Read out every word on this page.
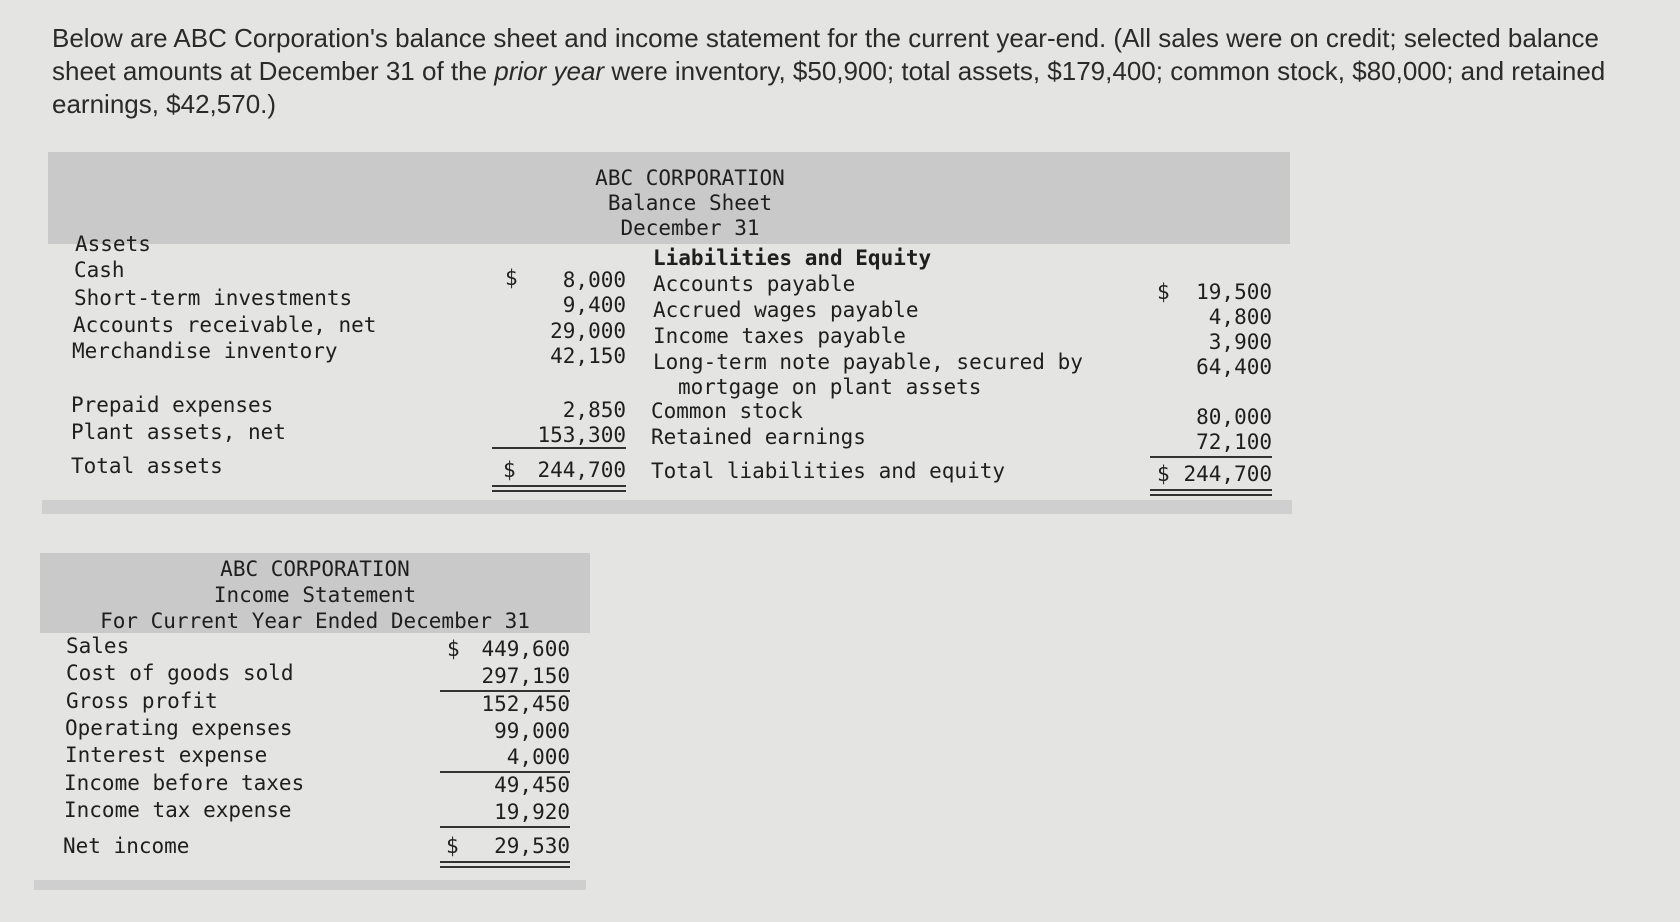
Below are ABC Corporation's balance sheet and income statement for the current year-end. (All sales were on credit; selected balance sheet amounts at December 31 of the prior year were inventory, $50,900; total assets, $179,400; common stock, $80,000; and retained earnings, $42,570.)

ABC CORPORATION
Balance Sheet
December 31
Assets
Liabilities and Equity
Cash	$	8,000
Short-term investments	9,400
Accounts receivable, net	29,000
Merchandise inventory	42,150
Prepaid expenses	2,850
Plant assets, net	153,300
Total assets	$	244,700
Accounts payable	$	19,500
Accrued wages payable	4,800
Income taxes payable	3,900
Long-term note payable, secured by
mortgage on plant assets
64,400
Common stock	80,000
Retained earnings	72,100
Total liabilities and equity	$ 244,700
ABC CORPORATION
Income Statement
For Current Year Ended December 31
Sales	$	449,600
Cost of goods sold	297,150
Gross profit	152,450
Operating expenses	99,000
Interest expense	4,000
Income before taxes	49,450
Income tax expense	19,920
Net income	$	29,530
